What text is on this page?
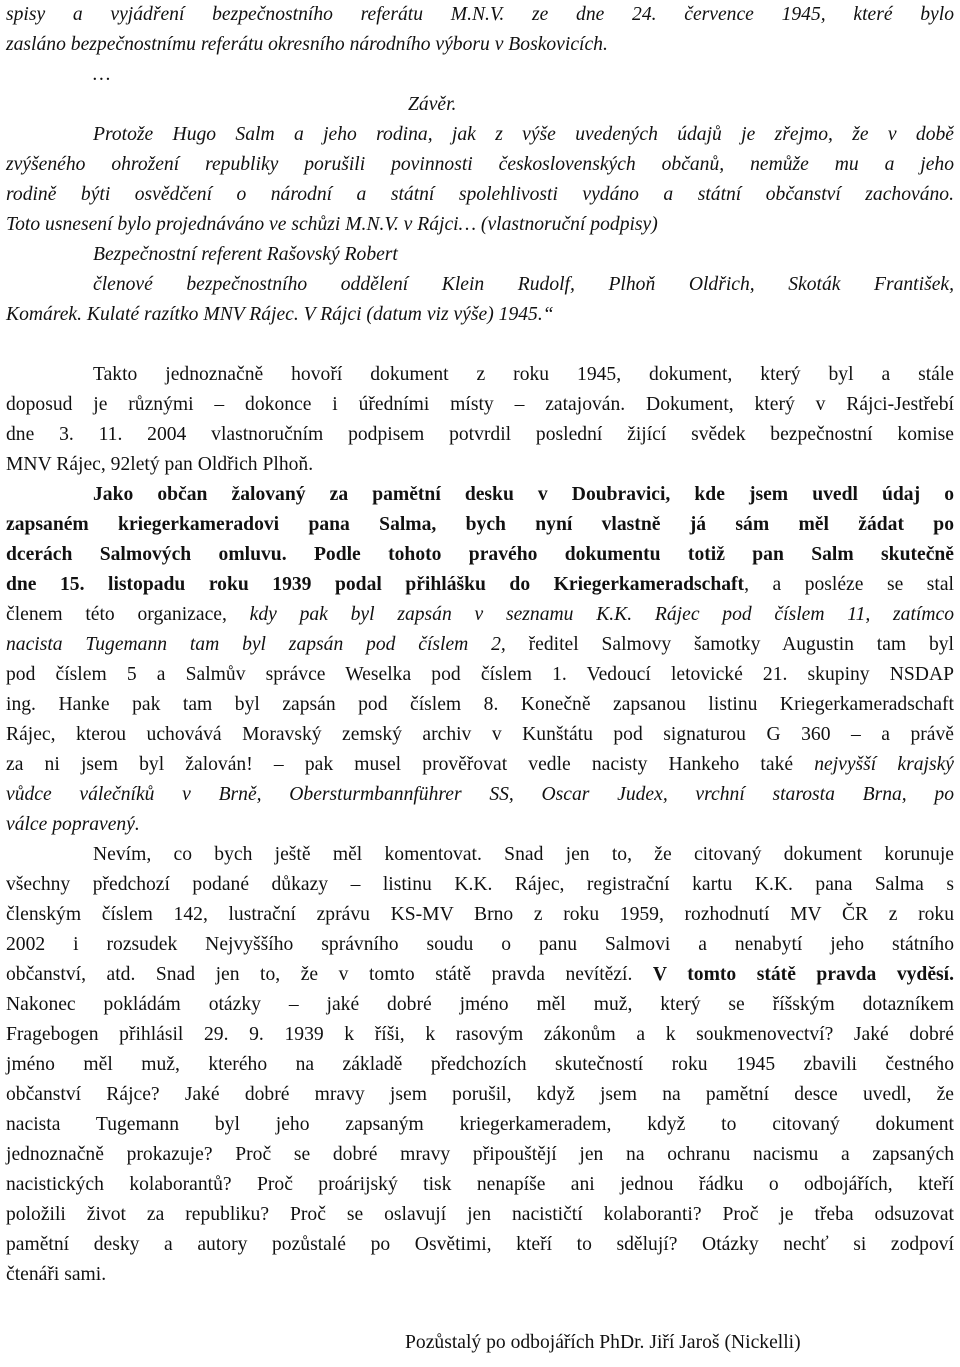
spisy a vyjádření bezpečnostního referátu M.N.V. ze dne 24. července 1945, které bylo
zasláno bezpečnostnímu referátu okresního národního výboru v Boskovicích.
…
Závěr.
Protože Hugo Salm a jeho rodina, jak z výše uvedených údajů je zřejmo, že v době
zvýšeného ohrožení republiky porušili povinnosti československých občanů, nemůže mu a jeho
rodině býti osvědčení o národní a státní spolehlivosti vydáno a státní občanství zachováno.
Toto usnesení bylo projednáváno ve schůzi M.N.V. v Rájci… (vlastnoruční podpisy)
Bezpečnostní referent Rašovský Robert
členové bezpečnostního oddělení Klein Rudolf, Plhoň Oldřich, Skoták František,
Komárek. Kulaté razítko MNV Rájec. V Rájci (datum viz výše) 1945.“
Takto jednoznačně hovoří dokument z roku 1945, dokument, který byl a stále
doposud je různými – dokonce i úředními místy – zatajován. Dokument, který v Rájci-Jestřebí
dne 3. 11. 2004 vlastnoručním podpisem potvrdil poslední žijící svědek bezpečnostní komise
MNV Rájec, 92letý pan Oldřich Plhoň.
Jako občan žalovaný za pamětní desku v Doubravici, kde jsem uvedl údaj o
zapsaném kriegerkameradovi pana Salma, bych nyní vlastně já sám měl žádat po
dcerách Salmových omluvu. Podle tohoto pravého dokumentu totiž pan Salm skutečně
dne 15. listopadu roku 1939 podal přihlášku do Kriegerkameradschaft, a posléze se stal
členem této organizace, kdy pak byl zapsán v seznamu K.K. Rájec pod číslem 11, zatímco
nacista Tugemann tam byl zapsán pod číslem 2, ředitel Salmovy šamotky Augustin tam byl
pod číslem 5 a Salmův správce Weselka pod číslem 1. Vedoucí letovické 21. skupiny NSDAP
ing. Hanke pak tam byl zapsán pod číslem 8. Konečně zapsanou listinu Kriegerkameradschaft
Rájec, kterou uchovává Moravský zemský archiv v Kunštátu pod signaturou G 360 – a právě
za ni jsem byl žalován! – pak musel prověřovat vedle nacisty Hankeho také nejvyšší krajský
vůdce válečníků v Brně, Obersturmbannführer SS, Oscar Judex, vrchní starosta Brna, po
válce popravený.
Nevím, co bych ještě měl komentovat. Snad jen to, že citovaný dokument korunuje
všechny předchozí podané důkazy – listinu K.K. Rájec, registrační kartu K.K. pana Salma s
členským číslem 142, lustrační zprávu KS-MV Brno z roku 1959, rozhodnutí MV ČR z roku
2002 i rozsudek Nejvyššího správního soudu o panu Salmovi a nenabytí jeho státního
občanství, atd. Snad jen to, že v tomto státě pravda nevítězí. V tomto státě pravda vyděsí.
Nakonec pokládám otázky – jaké dobré jméno měl muž, který se říšským dotazníkem
Fragebogen přihlásil 29. 9. 1939 k říši, k rasovým zákonům a k soukmenovectví? Jaké dobré
jméno měl muž, kterého na základě předchozích skutečností roku 1945 zbavili čestného
občanství Rájce? Jaké dobré mravy jsem porušil, když jsem na pamětní desce uvedl, že
nacista Tugemann byl jeho zapsaným kriegerkameradem, když to citovaný dokument
jednoznačně prokazuje? Proč se dobré mravy připouštějí jen na ochranu nacismu a zapsaných
nacistických kolaborantů? Proč proárijský tisk nenapíše ani jednou řádku o odbojářích, kteří
položili život za republiku? Proč se oslavují jen nacističtí kolaboranti? Proč je třeba odsuzovat
pamětní desky a autory pozůstalé po Osvětimi, kteří to sdělují? Otázky nechť si zodpoví
čtenáři sami.
Pozůstalý po odbojářích PhDr. Jiří Jaroš (Nickelli)
